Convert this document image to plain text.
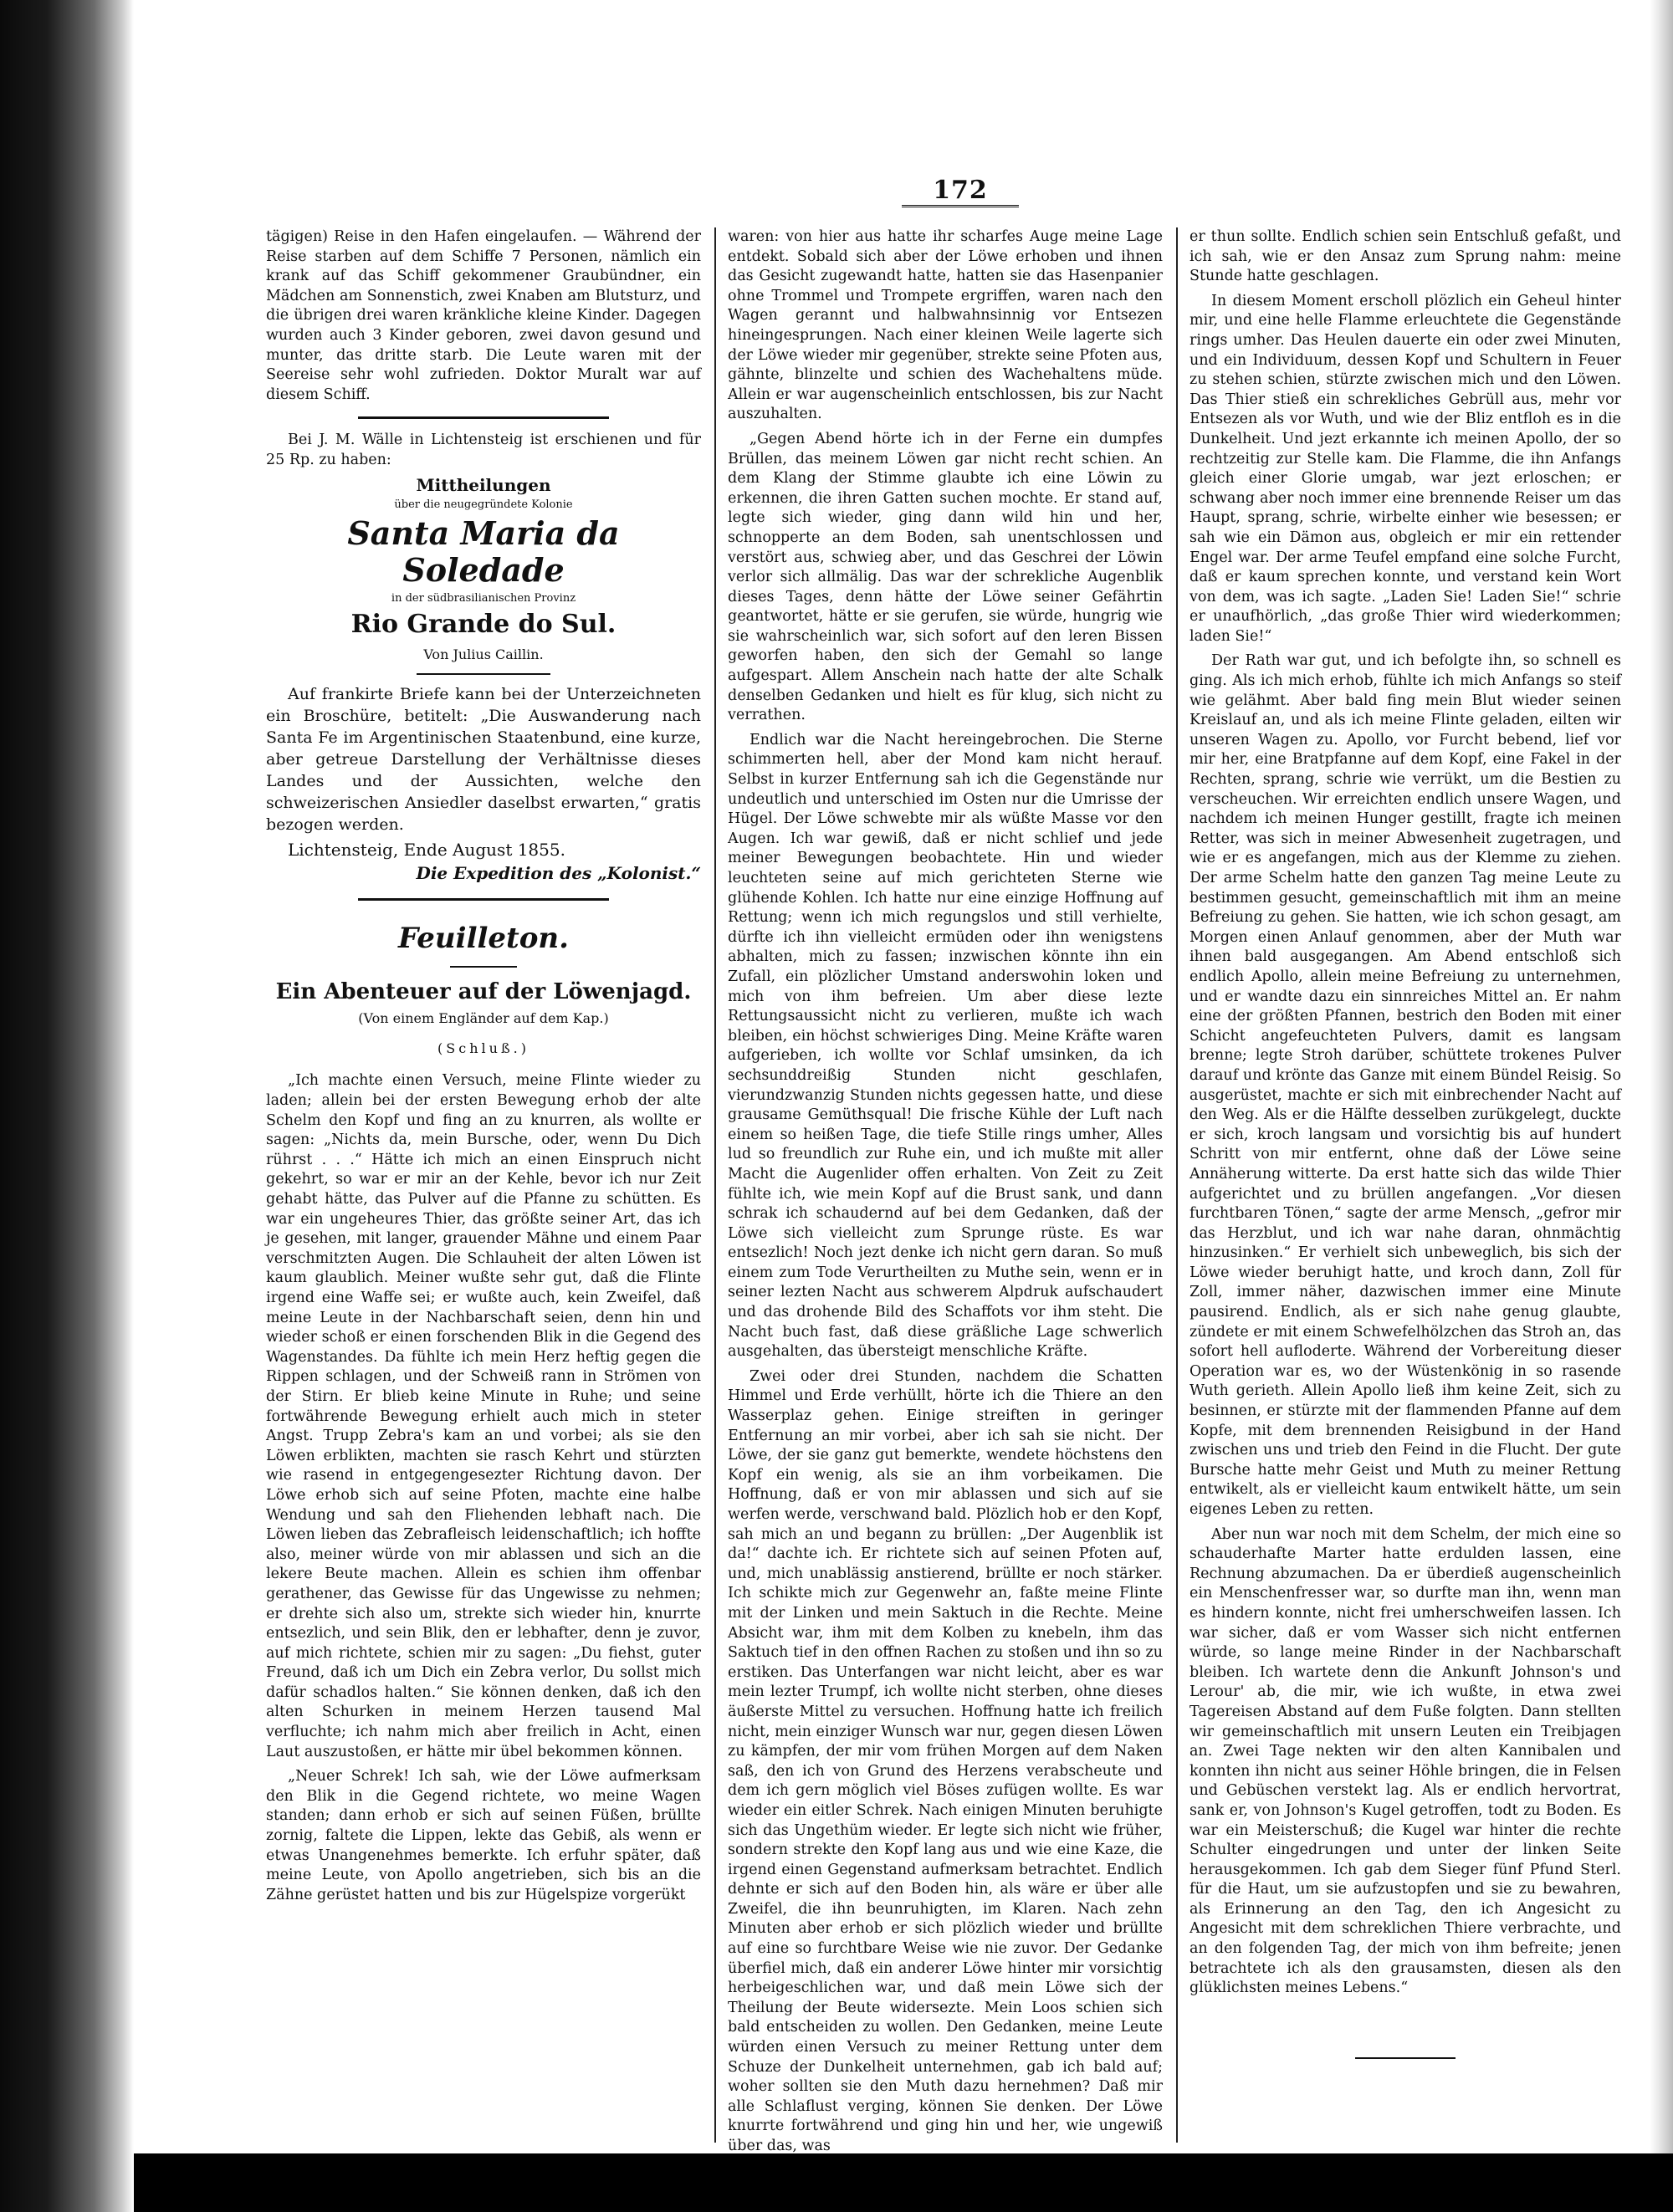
172

tägigen) Reise in den Hafen eingelaufen. — Während der Reise starben auf dem Schiffe 7 Personen, nämlich ein krank auf das Schiff gekommener Graubündner, ein Mädchen am Sonnenstich, zwei Knaben am Blutsturz, und die übrigen drei waren kränkliche kleine Kinder. Dagegen wurden auch 3 Kinder geboren, zwei davon gesund und munter, das dritte starb. Die Leute waren mit der Seereise sehr wohl zufrieden. Doktor Muralt war auf diesem Schiff.

Bei J. M. Wälle in Lichtensteig ist erschienen und für 25 Rp. zu haben:

Mittheilungen
über die neugegründete Kolonie
Santa Maria da Soledade
in der südbrasilianischen Provinz
Rio Grande do Sul.
Von Julius Caillin.

Auf frankirte Briefe kann bei der Unterzeichneten ein Broschüre, betitelt: „Die Auswanderung nach Santa Fe im Argentinischen Staatenbund, eine kurze, aber getreue Darstellung der Verhältnisse dieses Landes und der Aussichten, welche den schweizerischen Ansiedler daselbst erwarten,“ gratis bezogen werden.

Lichtensteig, Ende August 1855.

Die Expedition des „Kolonist.“
Feuilleton.
Ein Abenteuer auf der Löwenjagd.
(Von einem Engländer auf dem Kap.)
(Schluß.)

„Ich machte einen Versuch, meine Flinte wieder zu laden; allein bei der ersten Bewegung erhob der alte Schelm den Kopf und fing an zu knurren, als wollte er sagen: „Nichts da, mein Bursche, oder, wenn Du Dich rührst . . .“ Hätte ich mich an einen Einspruch nicht gekehrt, so war er mir an der Kehle, bevor ich nur Zeit gehabt hätte, das Pulver auf die Pfanne zu schütten. Es war ein ungeheures Thier, das größte seiner Art, das ich je gesehen, mit langer, grauender Mähne und einem Paar verschmitzten Augen. Die Schlauheit der alten Löwen ist kaum glaublich. Meiner wußte sehr gut, daß die Flinte irgend eine Waffe sei; er wußte auch, kein Zweifel, daß meine Leute in der Nachbarschaft seien, denn hin und wieder schoß er einen forschenden Blik in die Gegend des Wagenstandes. Da fühlte ich mein Herz heftig gegen die Rippen schlagen, und der Schweiß rann in Strömen von der Stirn. Er blieb keine Minute in Ruhe; und seine fortwährende Bewegung erhielt auch mich in steter Angst. Trupp Zebra's kam an und vorbei; als sie den Löwen erblikten, machten sie rasch Kehrt und stürzten wie rasend in entgegengesezter Richtung davon. Der Löwe erhob sich auf seine Pfoten, machte eine halbe Wendung und sah den Fliehenden lebhaft nach. Die Löwen lieben das Zebrafleisch leidenschaftlich; ich hoffte also, meiner würde von mir ablassen und sich an die lekere Beute machen. Allein es schien ihm offenbar gerathener, das Gewisse für das Ungewisse zu nehmen; er drehte sich also um, strekte sich wieder hin, knurrte entsezlich, und sein Blik, den er lebhafter, denn je zuvor, auf mich richtete, schien mir zu sagen: „Du fiehst, guter Freund, daß ich um Dich ein Zebra verlor, Du sollst mich dafür schadlos halten.“ Sie können denken, daß ich den alten Schurken in meinem Herzen tausend Mal verfluchte; ich nahm mich aber freilich in Acht, einen Laut auszustoßen, er hätte mir übel bekommen können.

„Neuer Schrek! Ich sah, wie der Löwe aufmerksam den Blik in die Gegend richtete, wo meine Wagen standen; dann erhob er sich auf seinen Füßen, brüllte zornig, faltete die Lippen, lekte das Gebiß, als wenn er etwas Unangenehmes bemerkte. Ich erfuhr später, daß meine Leute, von Apollo angetrieben, sich bis an die Zähne gerüstet hatten und bis zur Hügelspize vorgerükt

waren: von hier aus hatte ihr scharfes Auge meine Lage entdekt. Sobald sich aber der Löwe erhoben und ihnen das Gesicht zugewandt hatte, hatten sie das Hasenpanier ohne Trommel und Trompete ergriffen, waren nach den Wagen gerannt und halbwahnsinnig vor Entsezen hineingesprungen. Nach einer kleinen Weile lagerte sich der Löwe wieder mir gegenüber, strekte seine Pfoten aus, gähnte, blinzelte und schien des Wachehaltens müde. Allein er war augenscheinlich entschlossen, bis zur Nacht auszuhalten.

„Gegen Abend hörte ich in der Ferne ein dumpfes Brüllen, das meinem Löwen gar nicht recht schien. An dem Klang der Stimme glaubte ich eine Löwin zu erkennen, die ihren Gatten suchen mochte. Er stand auf, legte sich wieder, ging dann wild hin und her, schnopperte an dem Boden, sah unentschlossen und verstört aus, schwieg aber, und das Geschrei der Löwin verlor sich allmälig. Das war der schrekliche Augenblik dieses Tages, denn hätte der Löwe seiner Gefährtin geantwortet, hätte er sie gerufen, sie würde, hungrig wie sie wahrscheinlich war, sich sofort auf den leren Bissen geworfen haben, den sich der Gemahl so lange aufgespart. Allem Anschein nach hatte der alte Schalk denselben Gedanken und hielt es für klug, sich nicht zu verrathen.

Endlich war die Nacht hereingebrochen. Die Sterne schimmerten hell, aber der Mond kam nicht herauf. Selbst in kurzer Entfernung sah ich die Gegenstände nur undeutlich und unterschied im Osten nur die Umrisse der Hügel. Der Löwe schwebte mir als wüßte Masse vor den Augen. Ich war gewiß, daß er nicht schlief und jede meiner Bewegungen beobachtete. Hin und wieder leuchteten seine auf mich gerichteten Sterne wie glühende Kohlen. Ich hatte nur eine einzige Hoffnung auf Rettung; wenn ich mich regungslos und still verhielte, dürfte ich ihn vielleicht ermüden oder ihn wenigstens abhalten, mich zu fassen; inzwischen könnte ihn ein Zufall, ein plözlicher Umstand anderswohin loken und mich von ihm befreien. Um aber diese lezte Rettungsaussicht nicht zu verlieren, mußte ich wach bleiben, ein höchst schwieriges Ding. Meine Kräfte waren aufgerieben, ich wollte vor Schlaf umsinken, da ich sechsunddreißig Stunden nicht geschlafen, vierundzwanzig Stunden nichts gegessen hatte, und diese grausame Gemüthsqual! Die frische Kühle der Luft nach einem so heißen Tage, die tiefe Stille rings umher, Alles lud so freundlich zur Ruhe ein, und ich mußte mit aller Macht die Augenlider offen erhalten. Von Zeit zu Zeit fühlte ich, wie mein Kopf auf die Brust sank, und dann schrak ich schaudernd auf bei dem Gedanken, daß der Löwe sich vielleicht zum Sprunge rüste. Es war entsezlich! Noch jezt denke ich nicht gern daran. So muß einem zum Tode Verurtheilten zu Muthe sein, wenn er in seiner lezten Nacht aus schwerem Alpdruk aufschaudert und das drohende Bild des Schaffots vor ihm steht. Die Nacht buch fast, daß diese gräßliche Lage schwerlich ausgehalten, das übersteigt menschliche Kräfte.

Zwei oder drei Stunden, nachdem die Schatten Himmel und Erde verhüllt, hörte ich die Thiere an den Wasserplaz gehen. Einige streiften in geringer Entfernung an mir vorbei, aber ich sah sie nicht. Der Löwe, der sie ganz gut bemerkte, wendete höchstens den Kopf ein wenig, als sie an ihm vorbeikamen. Die Hoffnung, daß er von mir ablassen und sich auf sie werfen werde, verschwand bald. Plözlich hob er den Kopf, sah mich an und begann zu brüllen: „Der Augenblik ist da!“ dachte ich. Er richtete sich auf seinen Pfoten auf, und, mich unablässig anstierend, brüllte er noch stärker. Ich schikte mich zur Gegenwehr an, faßte meine Flinte mit der Linken und mein Saktuch in die Rechte. Meine Absicht war, ihm mit dem Kolben zu knebeln, ihm das Saktuch tief in den offnen Rachen zu stoßen und ihn so zu erstiken. Das Unterfangen war nicht leicht, aber es war mein lezter Trumpf, ich wollte nicht sterben, ohne dieses äußerste Mittel zu versuchen. Hoffnung hatte ich freilich nicht, mein einziger Wunsch war nur, gegen diesen Löwen zu kämpfen, der mir vom frühen Morgen auf dem Naken saß, den ich von Grund des Herzens verabscheute und dem ich gern möglich viel Böses zufügen wollte. Es war wieder ein eitler Schrek. Nach einigen Minuten beruhigte sich das Ungethüm wieder. Er legte sich nicht wie früher, sondern strekte den Kopf lang aus und wie eine Kaze, die irgend einen Gegenstand aufmerksam betrachtet. Endlich dehnte er sich auf den Boden hin, als wäre er über alle Zweifel, die ihn beunruhigten, im Klaren. Nach zehn Minuten aber erhob er sich plözlich wieder und brüllte auf eine so furchtbare Weise wie nie zuvor. Der Gedanke überfiel mich, daß ein anderer Löwe hinter mir vorsichtig herbeigeschlichen war, und daß mein Löwe sich der Theilung der Beute widersezte. Mein Loos schien sich bald entscheiden zu wollen. Den Gedanken, meine Leute würden einen Versuch zu meiner Rettung unter dem Schuze der Dunkelheit unternehmen, gab ich bald auf; woher sollten sie den Muth dazu hernehmen? Daß mir alle Schlaflust verging, können Sie denken. Der Löwe knurrte fortwährend und ging hin und her, wie ungewiß über das, was

er thun sollte. Endlich schien sein Entschluß gefaßt, und ich sah, wie er den Ansaz zum Sprung nahm: meine Stunde hatte geschlagen.

In diesem Moment erscholl plözlich ein Geheul hinter mir, und eine helle Flamme erleuchtete die Gegenstände rings umher. Das Heulen dauerte ein oder zwei Minuten, und ein Individuum, dessen Kopf und Schultern in Feuer zu stehen schien, stürzte zwischen mich und den Löwen. Das Thier stieß ein schrekliches Gebrüll aus, mehr vor Entsezen als vor Wuth, und wie der Bliz entfloh es in die Dunkelheit. Und jezt erkannte ich meinen Apollo, der so rechtzeitig zur Stelle kam. Die Flamme, die ihn Anfangs gleich einer Glorie umgab, war jezt erloschen; er schwang aber noch immer eine brennende Reiser um das Haupt, sprang, schrie, wirbelte einher wie besessen; er sah wie ein Dämon aus, obgleich er mir ein rettender Engel war. Der arme Teufel empfand eine solche Furcht, daß er kaum sprechen konnte, und verstand kein Wort von dem, was ich sagte. „Laden Sie! Laden Sie!“ schrie er unaufhörlich, „das große Thier wird wiederkommen; laden Sie!“

Der Rath war gut, und ich befolgte ihn, so schnell es ging. Als ich mich erhob, fühlte ich mich Anfangs so steif wie gelähmt. Aber bald fing mein Blut wieder seinen Kreislauf an, und als ich meine Flinte geladen, eilten wir unseren Wagen zu. Apollo, vor Furcht bebend, lief vor mir her, eine Bratpfanne auf dem Kopf, eine Fakel in der Rechten, sprang, schrie wie verrükt, um die Bestien zu verscheuchen. Wir erreichten endlich unsere Wagen, und nachdem ich meinen Hunger gestillt, fragte ich meinen Retter, was sich in meiner Abwesenheit zugetragen, und wie er es angefangen, mich aus der Klemme zu ziehen. Der arme Schelm hatte den ganzen Tag meine Leute zu bestimmen gesucht, gemeinschaftlich mit ihm an meine Befreiung zu gehen. Sie hatten, wie ich schon gesagt, am Morgen einen Anlauf genommen, aber der Muth war ihnen bald ausgegangen. Am Abend entschloß sich endlich Apollo, allein meine Befreiung zu unternehmen, und er wandte dazu ein sinnreiches Mittel an. Er nahm eine der größten Pfannen, bestrich den Boden mit einer Schicht angefeuchteten Pulvers, damit es langsam brenne; legte Stroh darüber, schüttete trokenes Pulver darauf und krönte das Ganze mit einem Bündel Reisig. So ausgerüstet, machte er sich mit einbrechender Nacht auf den Weg. Als er die Hälfte desselben zurükgelegt, duckte er sich, kroch langsam und vorsichtig bis auf hundert Schritt von mir entfernt, ohne daß der Löwe seine Annäherung witterte. Da erst hatte sich das wilde Thier aufgerichtet und zu brüllen angefangen. „Vor diesen furchtbaren Tönen,“ sagte der arme Mensch, „gefror mir das Herzblut, und ich war nahe daran, ohnmächtig hinzusinken.“ Er verhielt sich unbeweglich, bis sich der Löwe wieder beruhigt hatte, und kroch dann, Zoll für Zoll, immer näher, dazwischen immer eine Minute pausirend. Endlich, als er sich nahe genug glaubte, zündete er mit einem Schwefelhölzchen das Stroh an, das sofort hell aufloderte. Während der Vorbereitung dieser Operation war es, wo der Wüstenkönig in so rasende Wuth gerieth. Allein Apollo ließ ihm keine Zeit, sich zu besinnen, er stürzte mit der flammenden Pfanne auf dem Kopfe, mit dem brennenden Reisigbund in der Hand zwischen uns und trieb den Feind in die Flucht. Der gute Bursche hatte mehr Geist und Muth zu meiner Rettung entwikelt, als er vielleicht kaum entwikelt hätte, um sein eigenes Leben zu retten.

Aber nun war noch mit dem Schelm, der mich eine so schauderhafte Marter hatte erdulden lassen, eine Rechnung abzumachen. Da er überdieß augenscheinlich ein Menschenfresser war, so durfte man ihn, wenn man es hindern konnte, nicht frei umherschweifen lassen. Ich war sicher, daß er vom Wasser sich nicht entfernen würde, so lange meine Rinder in der Nachbarschaft bleiben. Ich wartete denn die Ankunft Johnson's und Lerour' ab, die mir, wie ich wußte, in etwa zwei Tagereisen Abstand auf dem Fuße folgten. Dann stellten wir gemeinschaftlich mit unsern Leuten ein Treibjagen an. Zwei Tage nekten wir den alten Kannibalen und konnten ihn nicht aus seiner Höhle bringen, die in Felsen und Gebüschen verstekt lag. Als er endlich hervortrat, sank er, von Johnson's Kugel getroffen, todt zu Boden. Es war ein Meisterschuß; die Kugel war hinter die rechte Schulter eingedrungen und unter der linken Seite herausgekommen. Ich gab dem Sieger fünf Pfund Sterl. für die Haut, um sie aufzustopfen und sie zu bewahren, als Erinnerung an den Tag, den ich Angesicht zu Angesicht mit dem schreklichen Thiere verbrachte, und an den folgenden Tag, der mich von ihm befreite; jenen betrachtete ich als den grausamsten, diesen als den glüklichsten meines Lebens.“
